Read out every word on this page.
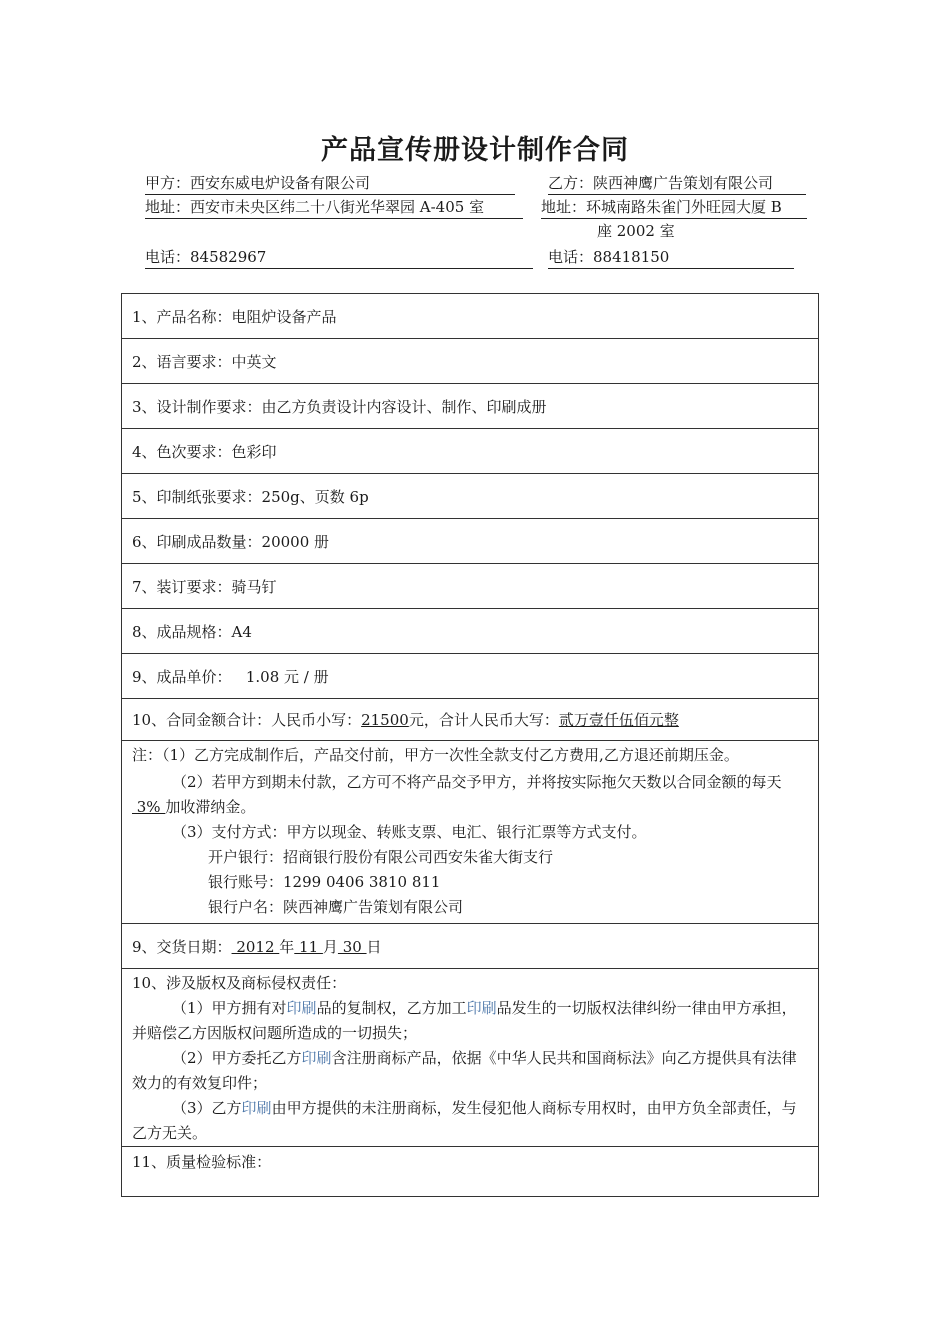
产品宣传册设计制作合同
甲方：西安东威电炉设备有限公司	乙方：陕西神鹰广告策划有限公司
地址：西安市未央区纬二十八街光华翠园 A-405 室	地址：环城南路朱雀门外旺园大厦 B
座 2002 室
电话：84582967	电话：88418150
1、产品名称：电阻炉设备产品
2、语言要求：中英文
3、设计制作要求：由乙方负责设计内容设计、制作、印刷成册
4、色次要求：色彩印
5、印制纸张要求：250g、页数 6p
6、印刷成品数量：20000 册
7、装订要求：骑马钉
8、成品规格：A4
9、成品单价：   1.08 元 / 册
10、合同金额合计：人民币小写：21500元，合计人民币大写：贰万壹仟伍佰元整

注：（1）乙方完成制作后，产品交付前，甲方一次性全款支付乙方费用,乙方退还前期压金。
（2）若甲方到期未付款，乙方可不将产品交予甲方，并将按实际拖欠天数以合同金额的每天 3% 加收滞纳金。
（3）支付方式：甲方以现金、转账支票、电汇、银行汇票等方式支付。
开户银行：招商银行股份有限公司西安朱雀大街支行
银行账号：1299 0406 3810 811
银行户名：陕西神鹰广告策划有限公司

9、交货日期： 2012 年 11 月 30 日

10、涉及版权及商标侵权责任：
（1）甲方拥有对印刷品的复制权，乙方加工印刷品发生的一切版权法律纠纷一律由甲方承担，并赔偿乙方因版权问题所造成的一切损失；
（2）甲方委托乙方印刷含注册商标产品，依据《中华人民共和国商标法》向乙方提供具有法律效力的有效复印件；
（3）乙方印刷由甲方提供的未注册商标，发生侵犯他人商标专用权时，由甲方负全部责任，与乙方无关。

11、质量检验标准：
